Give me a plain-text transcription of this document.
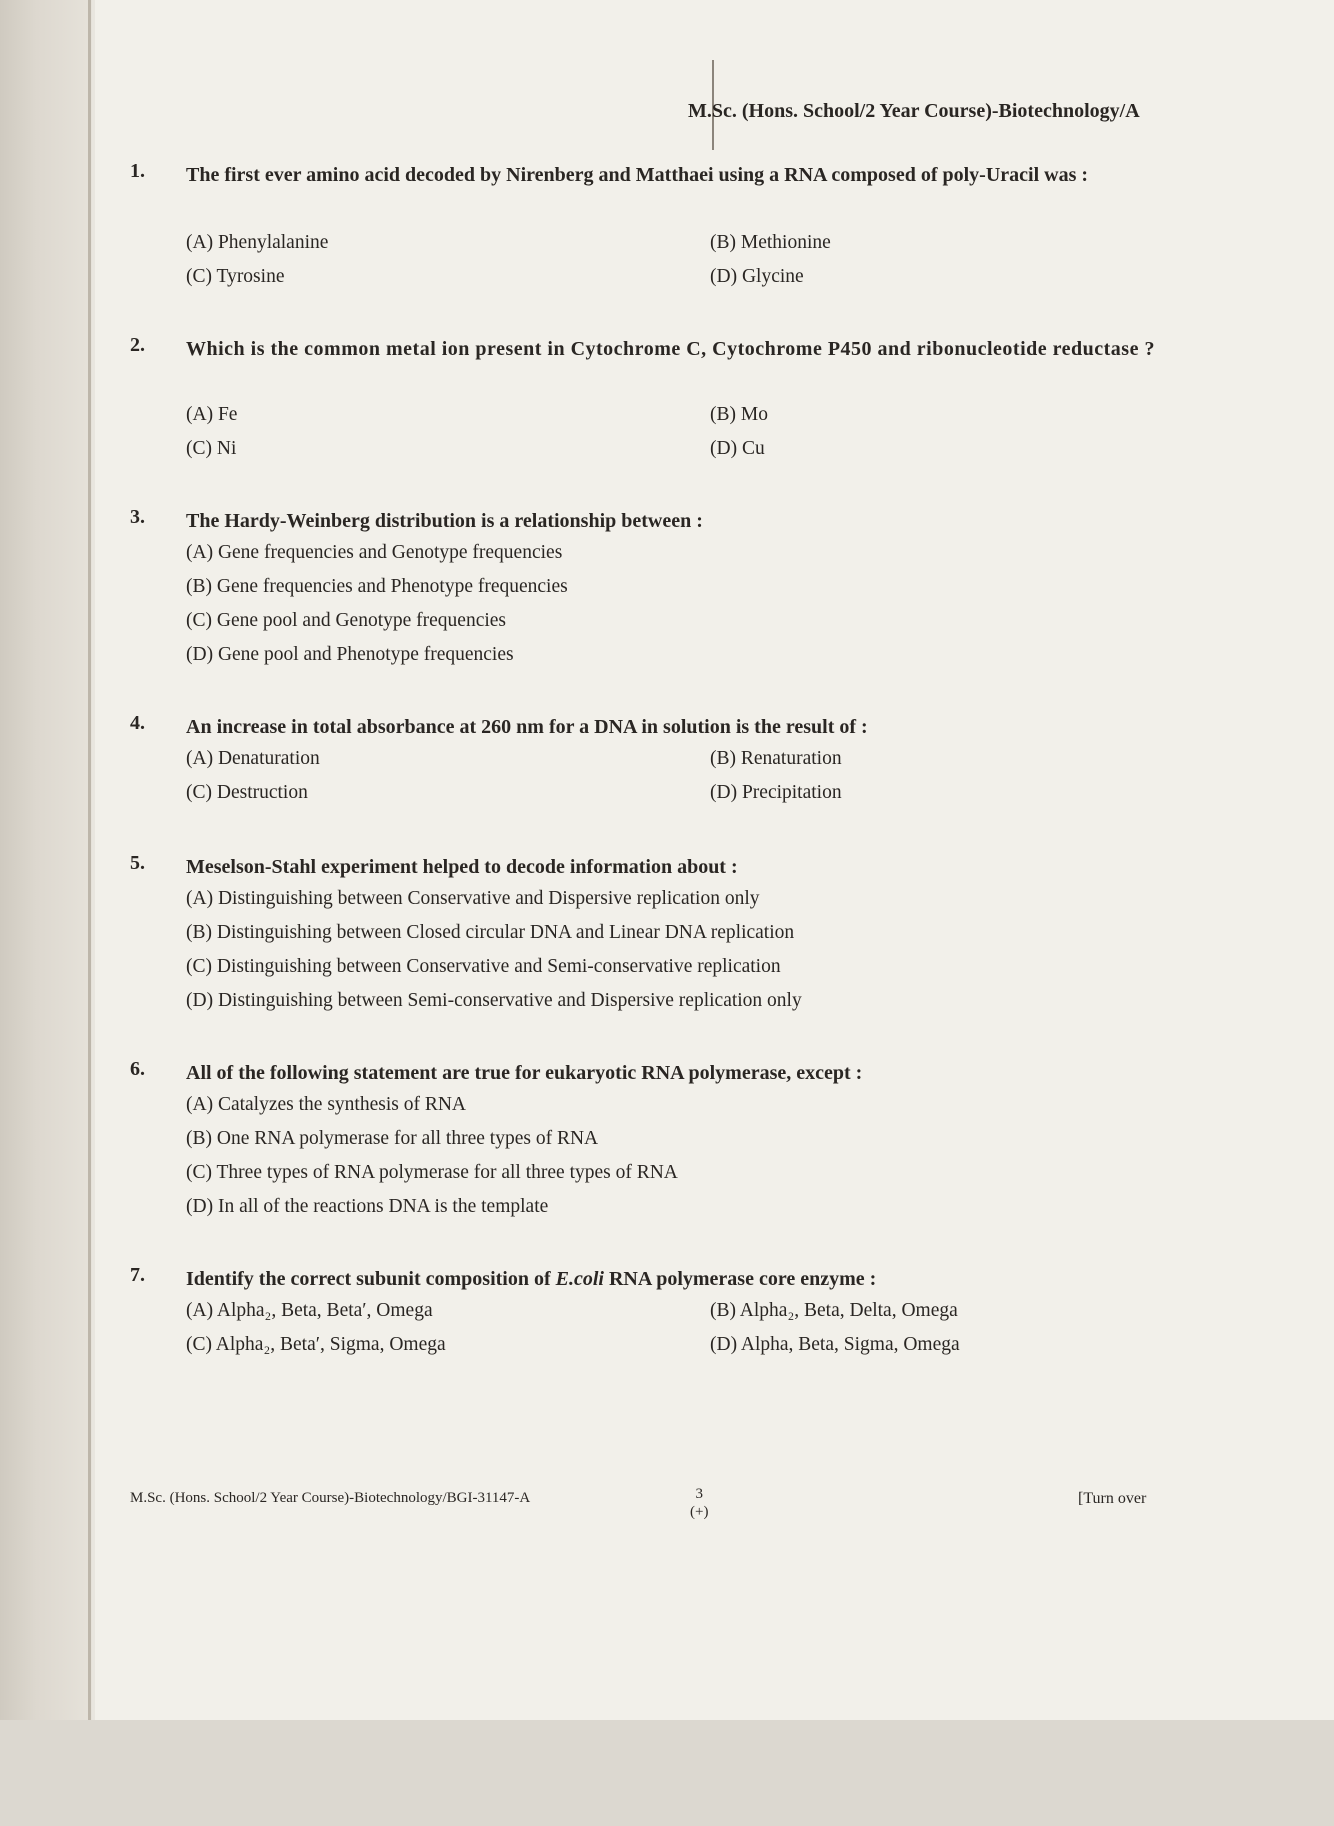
M.Sc. (Hons. School/2 Year Course)-Biotechnology/A
1. The first ever amino acid decoded by Nirenberg and Matthaei using a RNA composed of poly-Uracil was :
(A) Phenylalanine	(B) Methionine
(C) Tyrosine	(D) Glycine
2. Which is the common metal ion present in Cytochrome C, Cytochrome P450 and ribonucleotide reductase ?
(A) Fe	(B) Mo
(C) Ni	(D) Cu
3. The Hardy-Weinberg distribution is a relationship between :
(A) Gene frequencies and Genotype frequencies
(B) Gene frequencies and Phenotype frequencies
(C) Gene pool and Genotype frequencies
(D) Gene pool and Phenotype frequencies
4. An increase in total absorbance at 260 nm for a DNA in solution is the result of :
(A) Denaturation	(B) Renaturation
(C) Destruction	(D) Precipitation
5. Meselson-Stahl experiment helped to decode information about :
(A) Distinguishing between Conservative and Dispersive replication only
(B) Distinguishing between Closed circular DNA and Linear DNA replication
(C) Distinguishing between Conservative and Semi-conservative replication
(D) Distinguishing between Semi-conservative and Dispersive replication only
6. All of the following statement are true for eukaryotic RNA polymerase, except :
(A) Catalyzes the synthesis of RNA
(B) One RNA polymerase for all three types of RNA
(C) Three types of RNA polymerase for all three types of RNA
(D) In all of the reactions DNA is the template
7. Identify the correct subunit composition of E.coli RNA polymerase core enzyme :
(A) Alpha₂, Beta, Beta′, Omega	(B) Alpha₂, Beta, Delta, Omega
(C) Alpha₂, Beta′, Sigma, Omega	(D) Alpha, Beta, Sigma, Omega
M.Sc. (Hons. School/2 Year Course)-Biotechnology/BGI-31147-A	3
(+)
[Turn over
